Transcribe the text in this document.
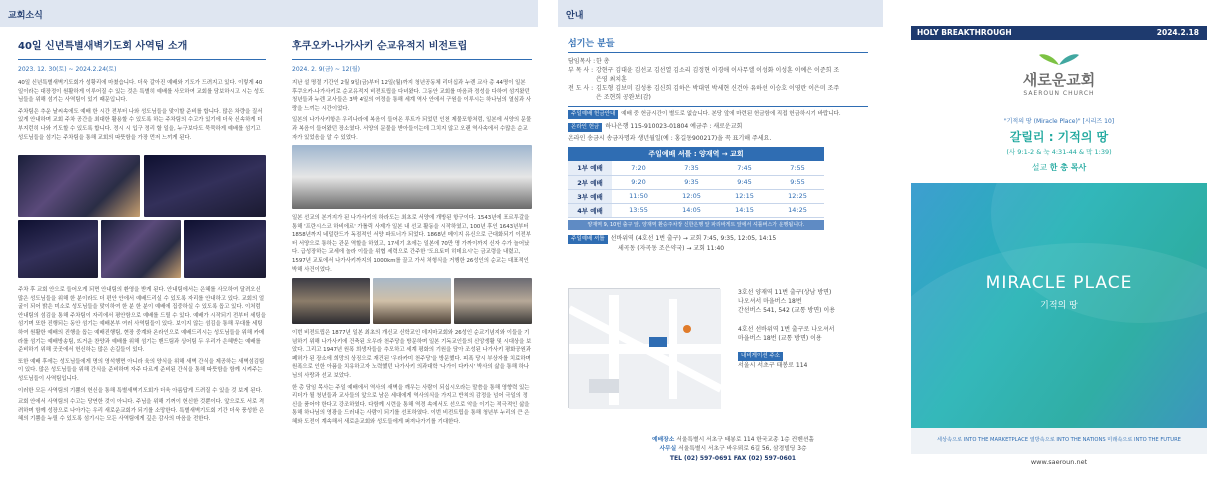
교회소식	안내
40일 신년특별새벽기도회 사역팀 소개
2023. 12. 30(토) ~ 2024.2.24(토)

40일 신년특별새벽기도회가 성황리에 마쳤습니다. 더욱 갈아진 예배와 기도가 드려지고 있다. 이렇게 40일이라는 대장정이 원활하게 이루어질 수 있는 것은 특별히 예배를 사모하여 교회를 담보하시고 시는 성도님들을 위해 섬기는 사역팀이 있기 때문입니다.

주차팀은 추운 날씨속에도 예배 한 시간 전부터 나와 성도님들을 맞이할 준비를 합니다. 많은 차량을 질서 있게 안내하며 교회 주차 공간을 최대한 활용할 수 있도록 하는 주차팀의 수고가 있기에 더욱 신속하게 더 부지런히 나와 기도할 수 있도록 합니다. 정시 시 입구 정리 할 일을, 누구보다도 묵묵하게 예배를 섬기고 성도님들을 섬기는 주차팀을 통해 교회의 따뜻함을 가장 먼저 느끼게 된다.

주차 후 교회 안으로 들어오게 되면 안내팀의 환영을 받게 된다. 안내팀에서는 은혜를 사모하여 달려오신 많은 성도님들을 위해 한 분이라도 더 편안 안에서 예배드리실 수 있도록 자리를 안내하고 있다. 교회의 얼굴이 되어 밝은 미소로 성도님들을 맞이하여 한 분 한 분이 예배에 집중하실 수 있도록 돕고 있다. 이처럼 안내팀의 섬김을 통해 주차팀이 자리에서 평안함으로 예배를 드릴 수 있다. 예배가 시작되기 전부터 세팅을 섬기며 또한 진행되는 동안 섬기는 예배본부 여러 사역팀들이 있다. 보이지 않는 섬김을 통해 무대를 세팅하여 원활한 예배의 진행을 돕는 예배진행팀, 현장 중계와 온라인으로 예배드리시는 성도님들을 위해 카메라를 섬기는 예배방송팀, 뜨거운 찬양과 예배를 위해 섬기는 밴드팀과 싱어팀 두 우리가 은혜받는 예배를 준비하기 위해 곳곳에서 헌신하는 많은 손길들이 있다.

또한 예배 후에는 성도님들에게 명의 영석행면 아니라 육의 양식을 위해 새벽 간식을 제공하는 새벽섬김팀이 있다. 많은 성도님들을 위해 간식을 준비하며 자주 다르게 준비된 간식을 통해 따뜻함을 함께 시켜주는 성도님들이 사역팀입니다.

이러한 모든 사역팀의 기쁨의 헌신을 통해 특별새벽기도회가 더욱 아름답게 드려질 수 있을 것 보게 된다.

교회 안에서 사역팀의 수고는 당연한 것이 아니다. 주님을 위해 기꺼이 헌신한 것뿐이다. 앞으로도 서로 격려하며 함께 성장으로 나아가는 우리 새로운교회가 되기를 소망한다. 특별새벽기도회 기간 더욱 풍성한 은혜의 기쁨을 누릴 수 있도록 섬기시는 모든 사역팀에게 깊은 감사의 마음을 전한다.

후쿠오카-나가사키 순교유적지 비전트립
2024. 2. 9(금) ~ 12(월)

지난 설 명절 기간인 2월 9일(금)부터 12일(월)까지 청년공동체 리더십과 누렌 교사 총 44명이 일본 후쿠오카-나가사키로 순교유적지 비전트립을 다녀왔다. 그동안 교회를 마음과 정성을 다하여 섬겨왔던 청년들과 누렌 교사들은 3박 4일의 여정을 통해 세계 역사 안에서 구원을 이루시는 하나님의 열심과 사랑을 느끼는 시간이었다.

일본의 나가사키항은 우리나라에 복음이 들어온 루트가 되었던 인천 제물포항처럼, 일본에 서양의 문물과 복음이 들어왔던 장소였다. 서양의 문물을 받아들이는데 그치지 않고 오랜 역사속에서 수많은 순교자가 있었음을 알 수 있었다.

일본 선교의 본거지가 된 나가사키의 하라도는 최초로 서양에 개방된 항구이다. 1543년에 포르투갈을 통해 '프란시스코 하비에르' 가톨릭 사제가 일본 내 선교 활동을 시작하였고, 100년 후인 1643년부터 1858년까지 네덜란드가 독점적인 서양 파트너가 되었다. 1868년 메이지 유신으로 근대화되기 이전부터 서양으로 통하는 관문 역할을 하였고, 17세기 초에는 일본에 70만 명 가까이까지 신자 수가 늘어났다. 급성장하는 교세에 놀라 이들을 위협 세력으로 간주한 '도요토미 히데요시'는 금교령을 내렸고, 1597년 교토에서 나가사키까지의 1000km를 끌고 가서 처형식을 거행한 26성인의 순교는 대표적인 박해 사건이었다.

이번 비전트립은 1877년 일본 최초의 개신교 신학교인 데지마교회와 26성인 순교기념지와 이들을 기념하기 위해 나가사키에 건축된 오우라 천주당을 방문하며 일본 기독교인들의 신앙생활 및 시대상을 보았다. 그리고 1947년 원폭 희생자들을 추모하고 세계 평화의 기원을 담아 조성된 나가사키 평화공원과 폐허가 된 장소에 희망의 상징으로 재건된 '우라카미 천주당'을 방문했다. 피폭 당시 부상자를 치료하며 원폭으로 인한 아픔을 치유하고자 노력했던 나가사키 의과대학 '나가이 다카시' 박사의 삶을 통해 하나님의 사랑과 선교 보았다.

한 총 담임 목사는 주일 예배에서 역사의 새벽을 깨우는 사람이 되십시오라는 말씀을 통해 영향력 있는 리더가 될 청년들과 교사들의 앞으로 남은 세대에게 역사의식을 가지고 반칙의 감정을 넘어 극일의 정신을 품어야 한다고 강조하였다. 다함께 시련을 통해 역경 속에서도 선으로 악을 이기는 적극적인 삶을 통해 하나님의 영광을 드러내는 사람이 되기를 선포하였다. 이번 비전트립을 통해 청년부 누리의 큰 은혜와 도전이 계속해서 새로운교회와 성도들에게 퍼져나가기를 기대한다.

섬기는 분들
담임목사 : 한 총
부 목 사 : 강현구 김대윤 김선교 김선열 김소리 김정현 이경애 이사무엘 이성화 이성훈 이예은 이준희 조은영 최치훈
전 도 사 : 김도형 김보미 김성용 김신희 김하은 박대연 박세현 신건아 유하선 이승호 이영란 이은미 조주은 조현희 공완보(감)
주일예배 헌금안내 예배 중 헌금시간이 별도로 없습니다. 본당 앞에 마련된 헌금함에 직접 헌금하시기 바랍니다.
온라인 헌금 하나은행 115-910023-01804 예금주 : 새로운교회
온라인 송금시 송금자명과 생년월일(예 : 홍길동900217)을 꼭 표기해 주세요.
주일예배 셔틀 : 양재역 → 교회
1부 예배	7:20	7:35	7:45	7:55
2부 예배	9:20	9:35	9:45	9:55
3부 예배	11:50	12:05	12:15	12:25
4부 예배	13:55	14:05	14:15	14:25
양재역 9, 10번 출구 앞, 양재역 환승주차장 신한은행 앞 파리바게트 앞에서 셔틀버스가 운행됩니다.
주일예배 셔틀 선바위역 (4호선 1번 출구) → 교회 7:45, 9:35, 12:05, 14:15
세곡동 (자곡동 조은약국) → 교회 11:40
3호선 양재역 11번 출구(상남 방면)
나오셔서 마을버스 18번
간선버스 541, 542 (교통 방면) 이용
4호선 선바위역 1번 출구로 나오셔서
마을버스 18번 (교통 방면) 이용
내비게이션 주소
서울시 서초구 태봉로 114
예배장소 서울특별시 서초구 태봉로 114 한국교총 1층 컨벤션홀
사무실 서울특별시 서초구 바우뫼로 6길 56, 삼경빌딩 3층
TEL (02) 597-0691 FAX (02) 597-0601
HOLY BREAKTHROUGH	2024.2.18
새로운교회
SAEROUN CHURCH
"기적의 땅 (Miracle Place)" [시리즈 10]
갈릴리 : 기적의 땅
(사 9:1-2 & 눅 4:31-44 & 막 1:39)
설교 한 총 목사
MIRACLE PLACE
기적의 땅
세상속으로 INTO THE MARKETPLACE 열방속으로 INTO THE NATIONS 미래속으로 INTO THE FUTURE
www.saeroun.net
